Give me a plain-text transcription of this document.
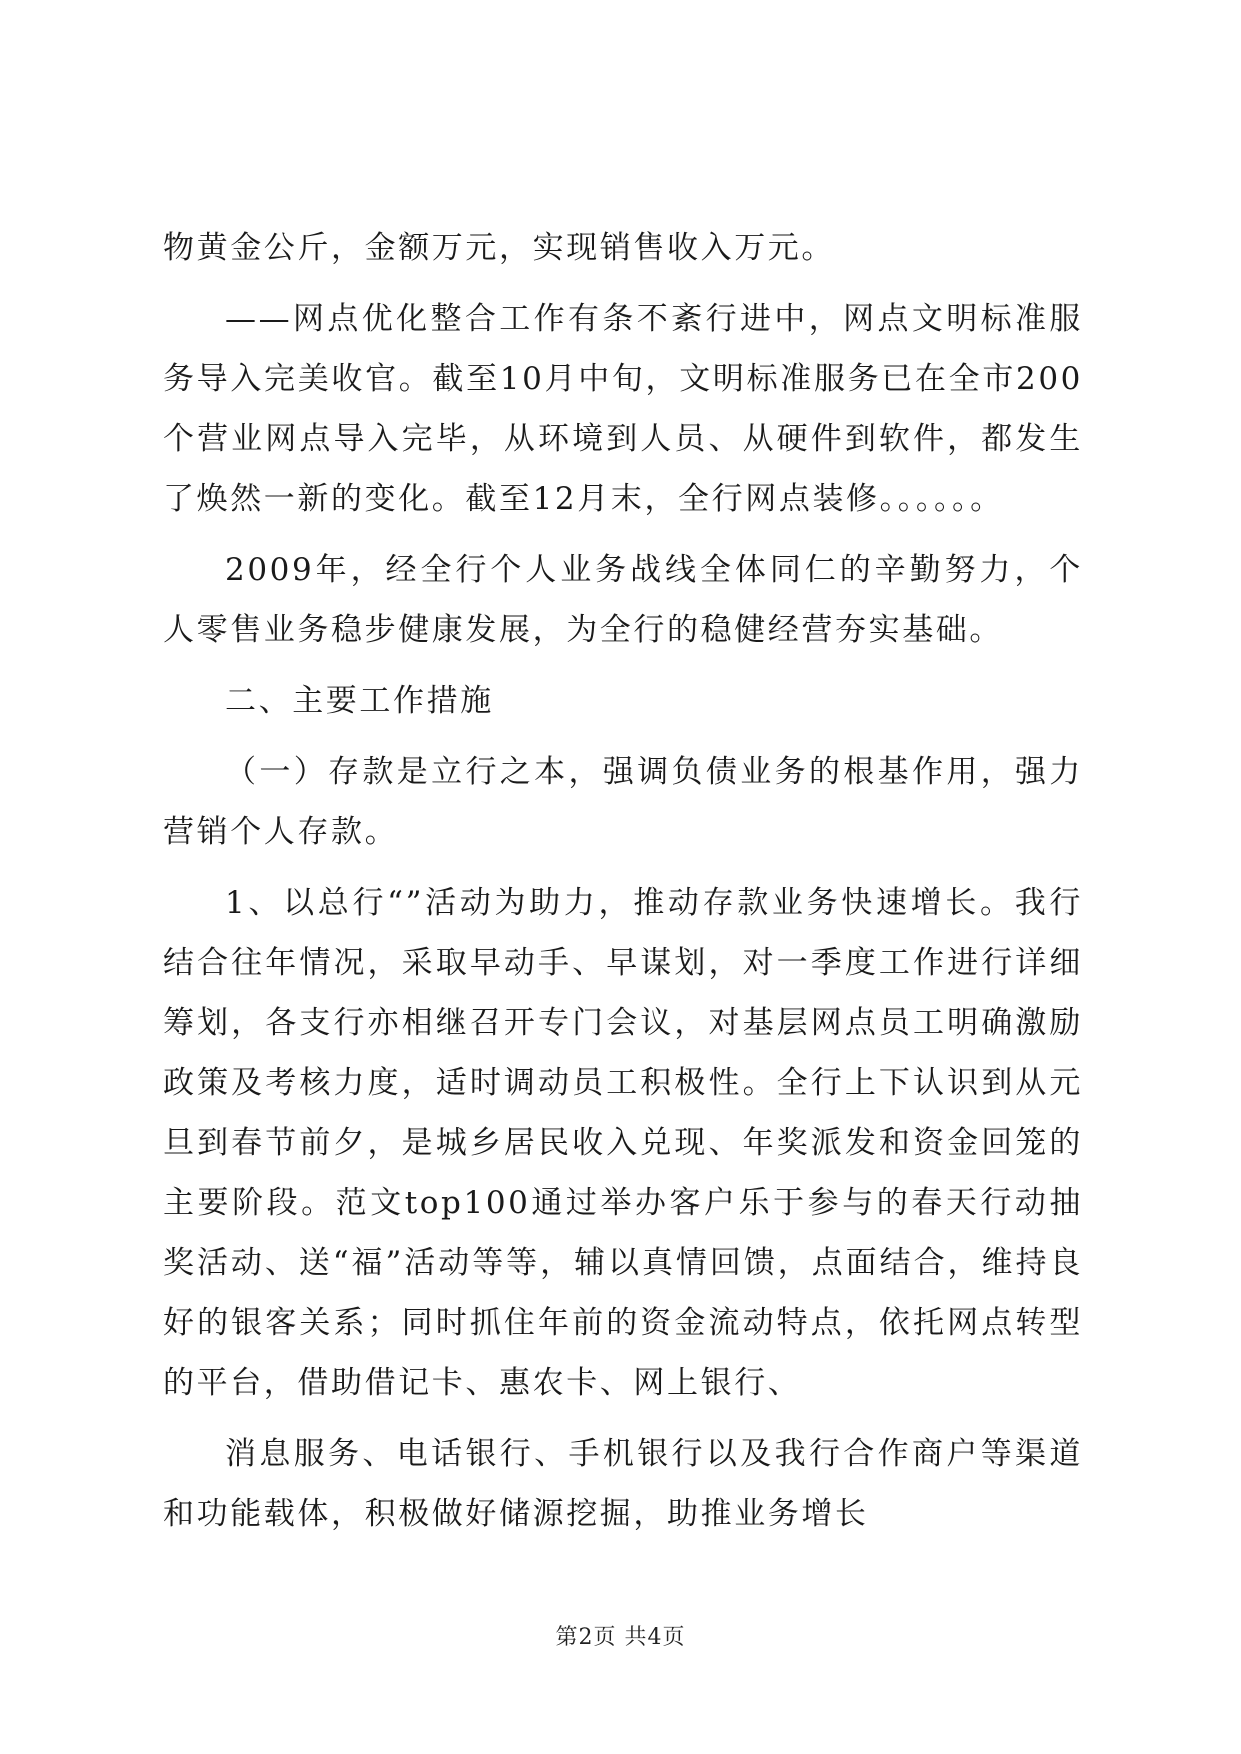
物黄金公斤，金额万元，实现销售收入万元。

——网点优化整合工作有条不紊行进中，网点文明标准服务导入完美收官。截至10月中旬，文明标准服务已在全市200个营业网点导入完毕，从环境到人员、从硬件到软件，都发生了焕然一新的变化。截至12月末，全行网点装修。。。。。。

2009年，经全行个人业务战线全体同仁的辛勤努力，个人零售业务稳步健康发展，为全行的稳健经营夯实基础。

二、主要工作措施

（一）存款是立行之本，强调负债业务的根基作用，强力营销个人存款。

1、以总行“”活动为助力，推动存款业务快速增长。我行结合往年情况，采取早动手、早谋划，对一季度工作进行详细筹划，各支行亦相继召开专门会议，对基层网点员工明确激励政策及考核力度，适时调动员工积极性。全行上下认识到从元旦到春节前夕，是城乡居民收入兑现、年奖派发和资金回笼的主要阶段。范文top100通过举办客户乐于参与的春天行动抽奖活动、送“福”活动等等，辅以真情回馈，点面结合，维持良好的银客关系；同时抓住年前的资金流动特点，依托网点转型的平台，借助借记卡、惠农卡、网上银行、

消息服务、电话银行、手机银行以及我行合作商户等渠道和功能载体，积极做好储源挖掘，助推业务增长

第2页 共4页
